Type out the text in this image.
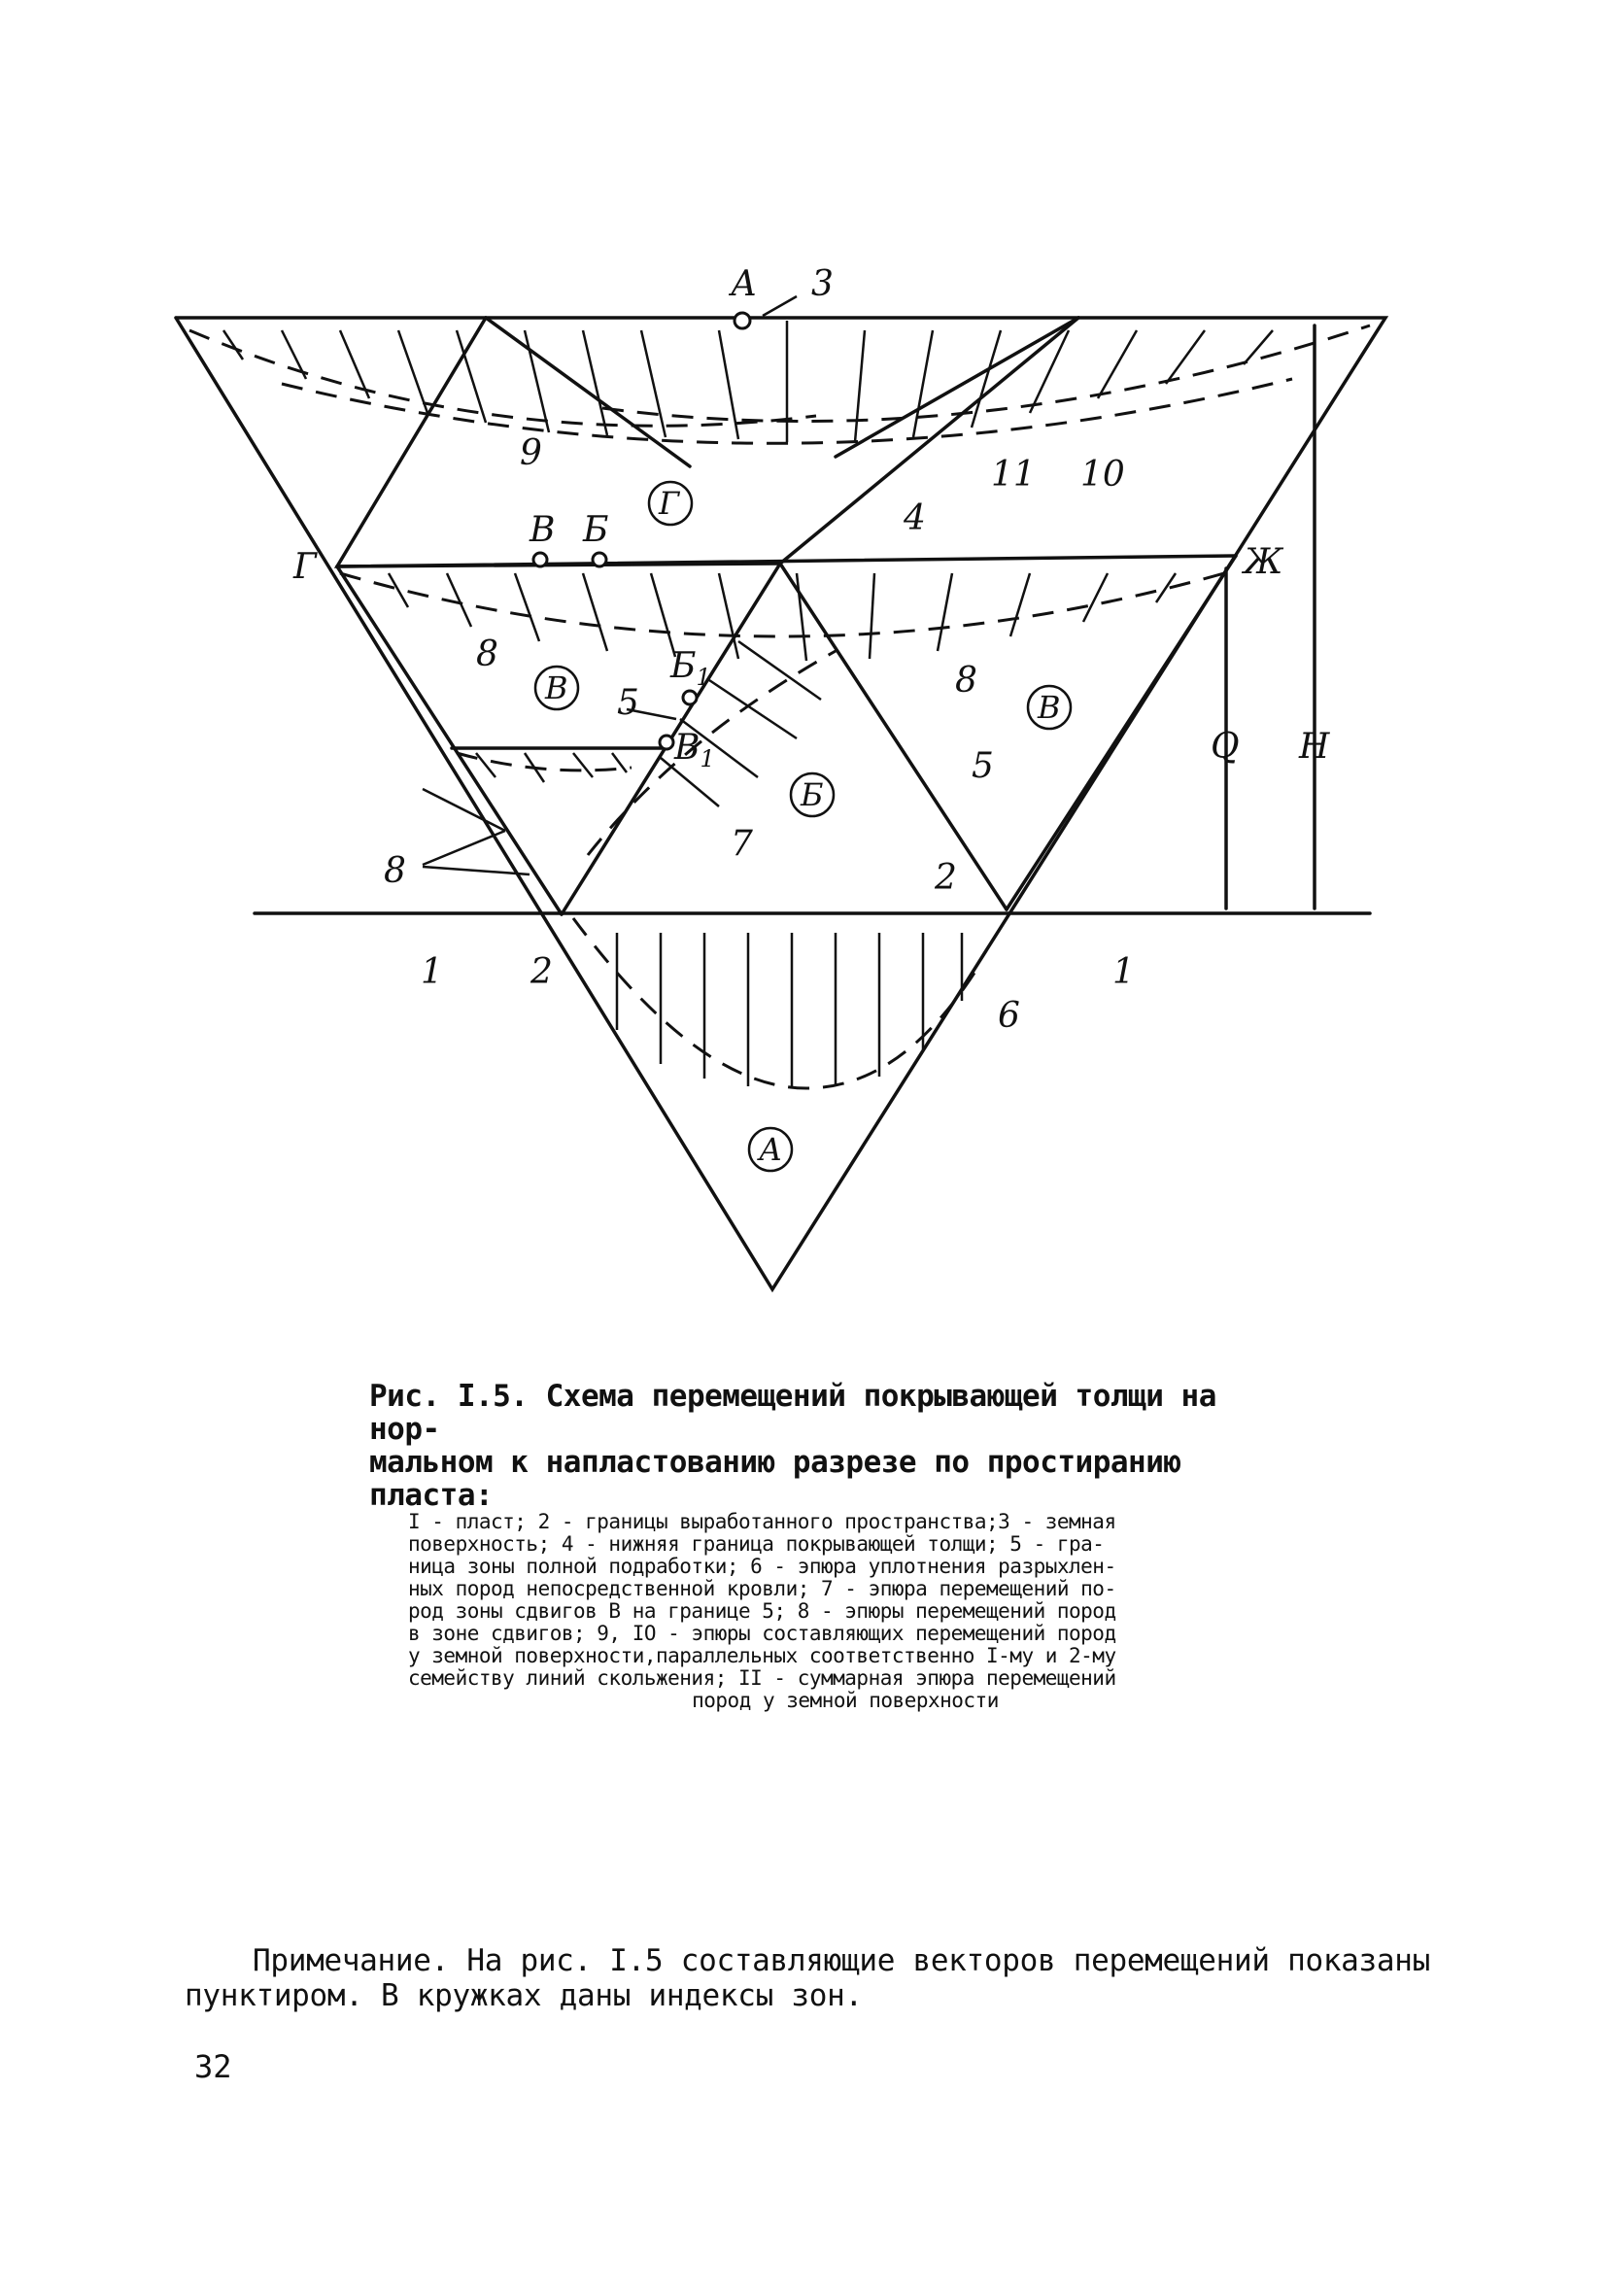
А
Г	Ж
В Б
$Б_1$
$В_1$	Q H
Г
В
В
Б
А
3
9
11 10
4
8
8
8
5
5
7
2
2
1	1
6
Рис. I.5. Схема перемещений покрывающей толщи на нор-
мальном к напластованию разрезе по простиранию пласта:
I - пласт; 2 - границы выработанного пространства;3 - земная
поверхность; 4 - нижняя граница покрывающей толщи; 5 - гра-
ница зоны полной подработки; 6 - эпюра уплотнения разрыхлен-
ных пород непосредственной кровли; 7 - эпюра перемещений по-
род зоны сдвигов В на границе 5; 8 - эпюры перемещений пород
в зоне сдвигов; 9, IO - эпюры составляющих перемещений пород
у земной поверхности,параллельных соответственно I-му и 2-му
семейству линий скольжения; II - суммарная эпюра перемещений
пород у земной поверхности
Примечание. На рис. I.5 составляющие векторов перемещений показаны пунктиром. В кружках даны индексы зон.
32
